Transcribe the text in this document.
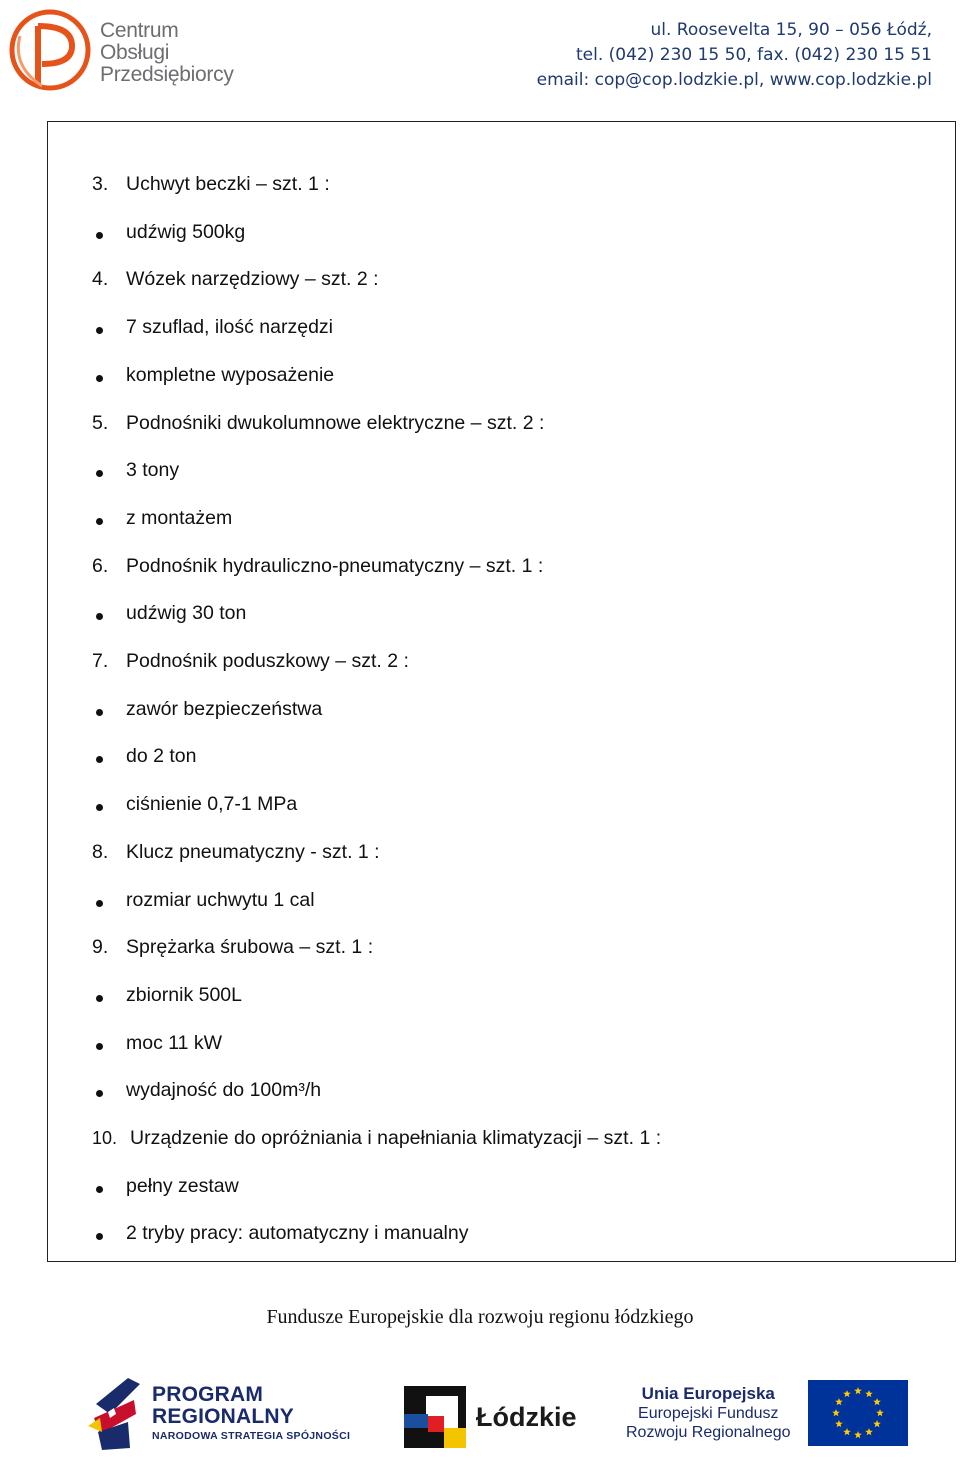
Centrum
Obsługi
Przedsiębiorcy
ul. Roosevelta 15, 90 – 056 Łódź,
tel. (042) 230 15 50, fax. (042) 230 15 51
email: cop@cop.lodzkie.pl, www.cop.lodzkie.pl
3. Uchwyt beczki – szt. 1 :
udźwig 500kg
4. Wózek narzędziowy – szt. 2 :
7 szuflad, ilość narzędzi
kompletne wyposażenie
5. Podnośniki dwukolumnowe elektryczne – szt. 2 :
3 tony
z montażem
6. Podnośnik hydrauliczno-pneumatyczny – szt. 1 :
udźwig 30 ton
7. Podnośnik poduszkowy – szt. 2 :
zawór bezpieczeństwa
do 2 ton
ciśnienie 0,7-1 MPa
8. Klucz pneumatyczny - szt. 1 :
rozmiar uchwytu 1 cal
9. Sprężarka śrubowa – szt. 1 :
zbiornik 500L
moc 11 kW
wydajność do 100m³/h
10. Urządzenie do opróżniania i napełniania klimatyzacji – szt. 1 :
pełny zestaw
2 tryby pracy: automatyczny i manualny
Fundusze Europejskie dla rozwoju regionu łódzkiego
PROGRAM
REGIONALNY
NARODOWA STRATEGIA SPÓJNOŚCI
Łódzkie
Unia Europejska
Europejski Fundusz
Rozwoju Regionalnego
